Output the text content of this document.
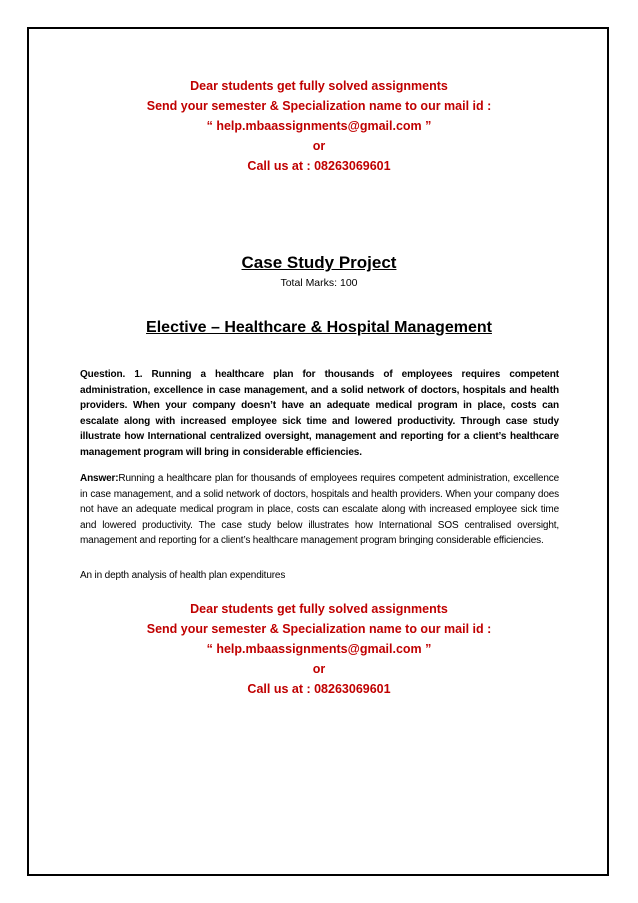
Dear students get fully solved assignments
Send your semester & Specialization name to our mail id :
“ help.mbaassignments@gmail.com ”
or
Call us at : 08263069601
Case Study Project
Total Marks: 100
Elective – Healthcare & Hospital Management
Question. 1. Running a healthcare plan for thousands of employees requires competent administration, excellence in case management, and a solid network of doctors, hospitals and health providers. When your company doesn’t have an adequate medical program in place, costs can escalate along with increased employee sick time and lowered productivity. Through case study illustrate how International centralized oversight, management and reporting for a client’s healthcare management program will bring in considerable efficiencies.
Answer:Running a healthcare plan for thousands of employees requires competent administration, excellence in case management, and a solid network of doctors, hospitals and health providers. When your company does not have an adequate medical program in place, costs can escalate along with increased employee sick time and lowered productivity. The case study below illustrates how International SOS centralised oversight, management and reporting for a client’s healthcare management program bringing considerable efficiencies.
An in depth analysis of health plan expenditures
Dear students get fully solved assignments
Send your semester & Specialization name to our mail id :
“ help.mbaassignments@gmail.com ”
or
Call us at : 08263069601
